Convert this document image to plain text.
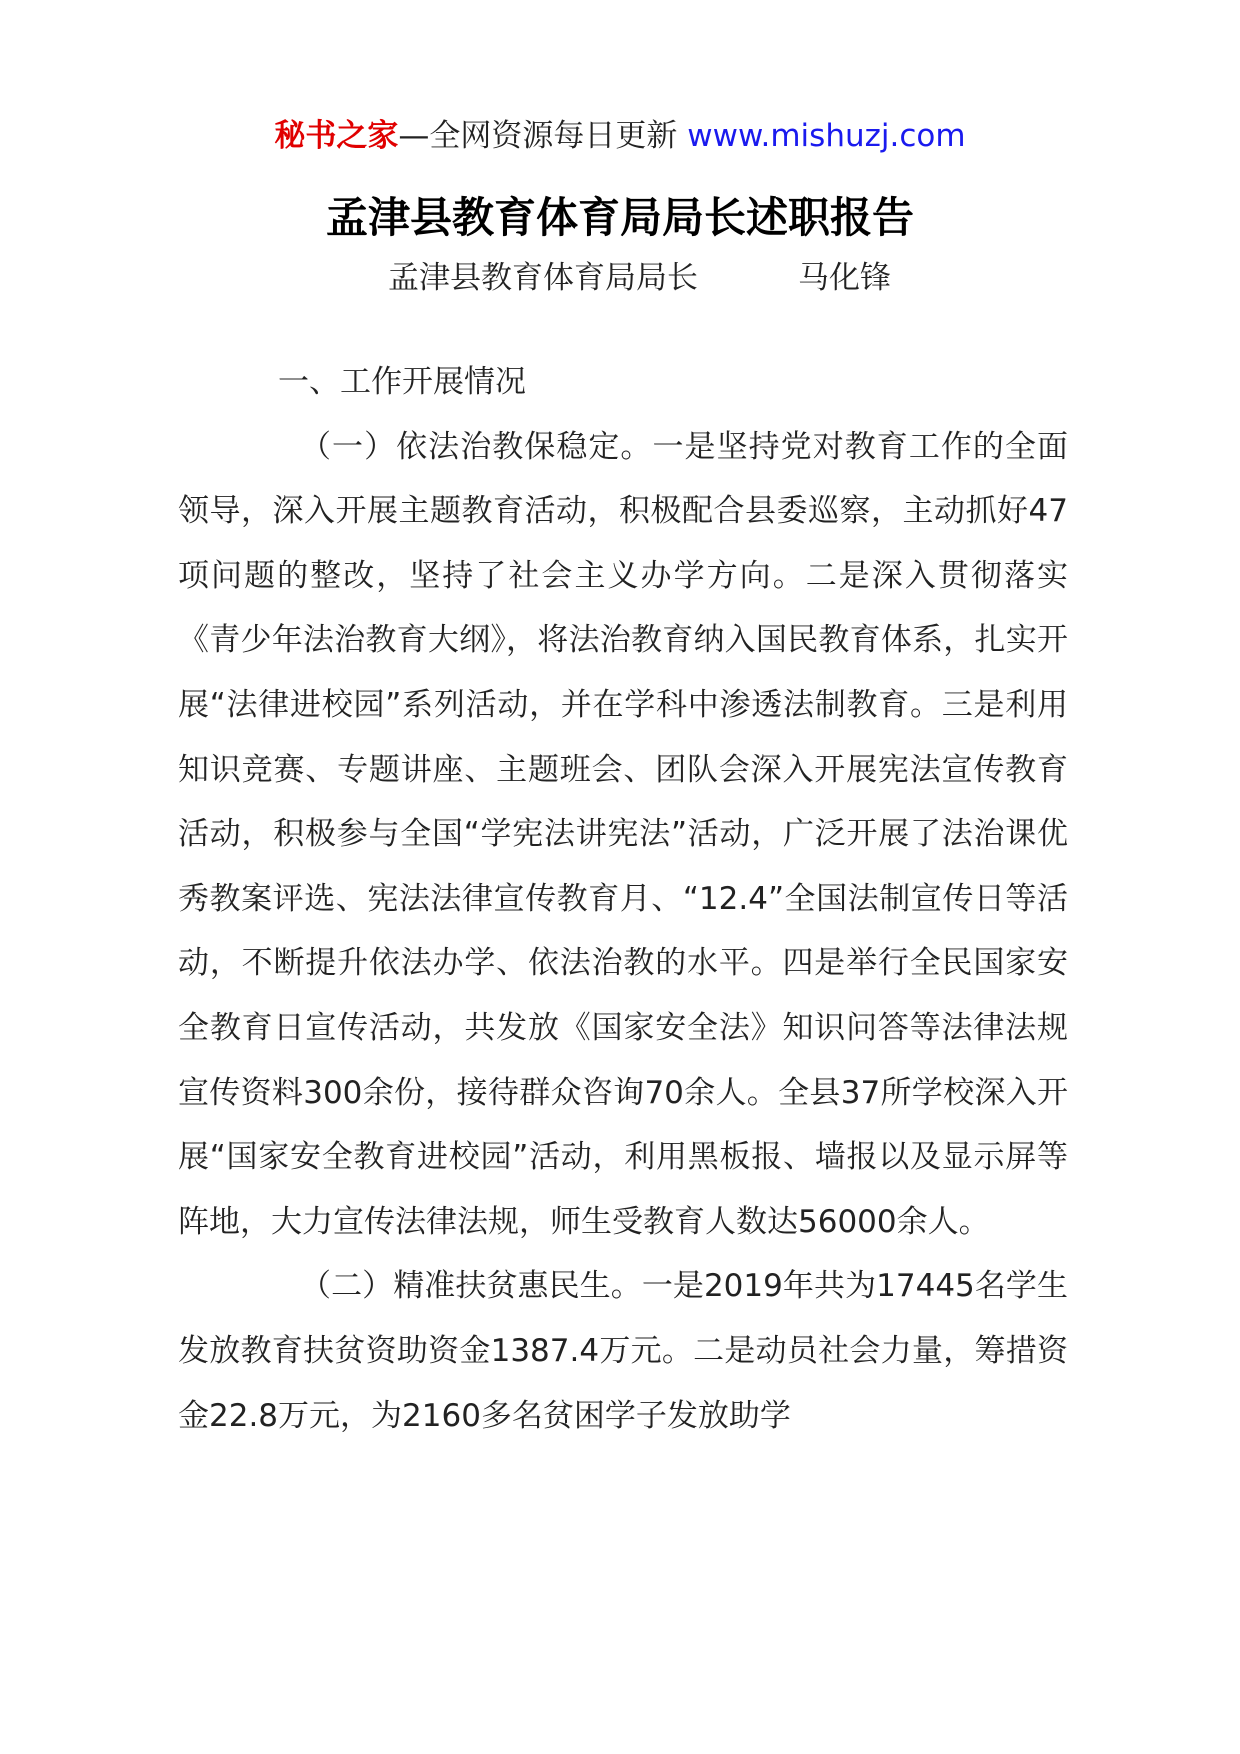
秘书之家—全网资源每日更新 www.mishuzj.com
孟津县教育体育局局长述职报告
孟津县教育体育局局长	马化锋

一、工作开展情况

（一）依法治教保稳定。一是坚持党对教育工作的全面领导，深入开展主题教育活动，积极配合县委巡察，主动抓好47项问题的整改，坚持了社会主义办学方向。二是深入贯彻落实《青少年法治教育大纲》，将法治教育纳入国民教育体系，扎实开展“法律进校园”系列活动，并在学科中渗透法制教育。三是利用知识竞赛、专题讲座、主题班会、团队会深入开展宪法宣传教育活动，积极参与全国“学宪法讲宪法”活动，广泛开展了法治课优秀教案评选、宪法法律宣传教育月、“12.4”全国法制宣传日等活动，不断提升依法办学、依法治教的水平。四是举行全民国家安全教育日宣传活动，共发放《国家安全法》知识问答等法律法规宣传资料300余份，接待群众咨询70余人。全县37所学校深入开展“国家安全教育进校园”活动，利用黑板报、墙报以及显示屏等阵地，大力宣传法律法规，师生受教育人数达56000余人。

（二）精准扶贫惠民生。一是2019年共为17445名学生发放教育扶贫资助资金1387.4万元。二是动员社会力量，筹措资金22.8万元，为2160多名贫困学子发放助学
